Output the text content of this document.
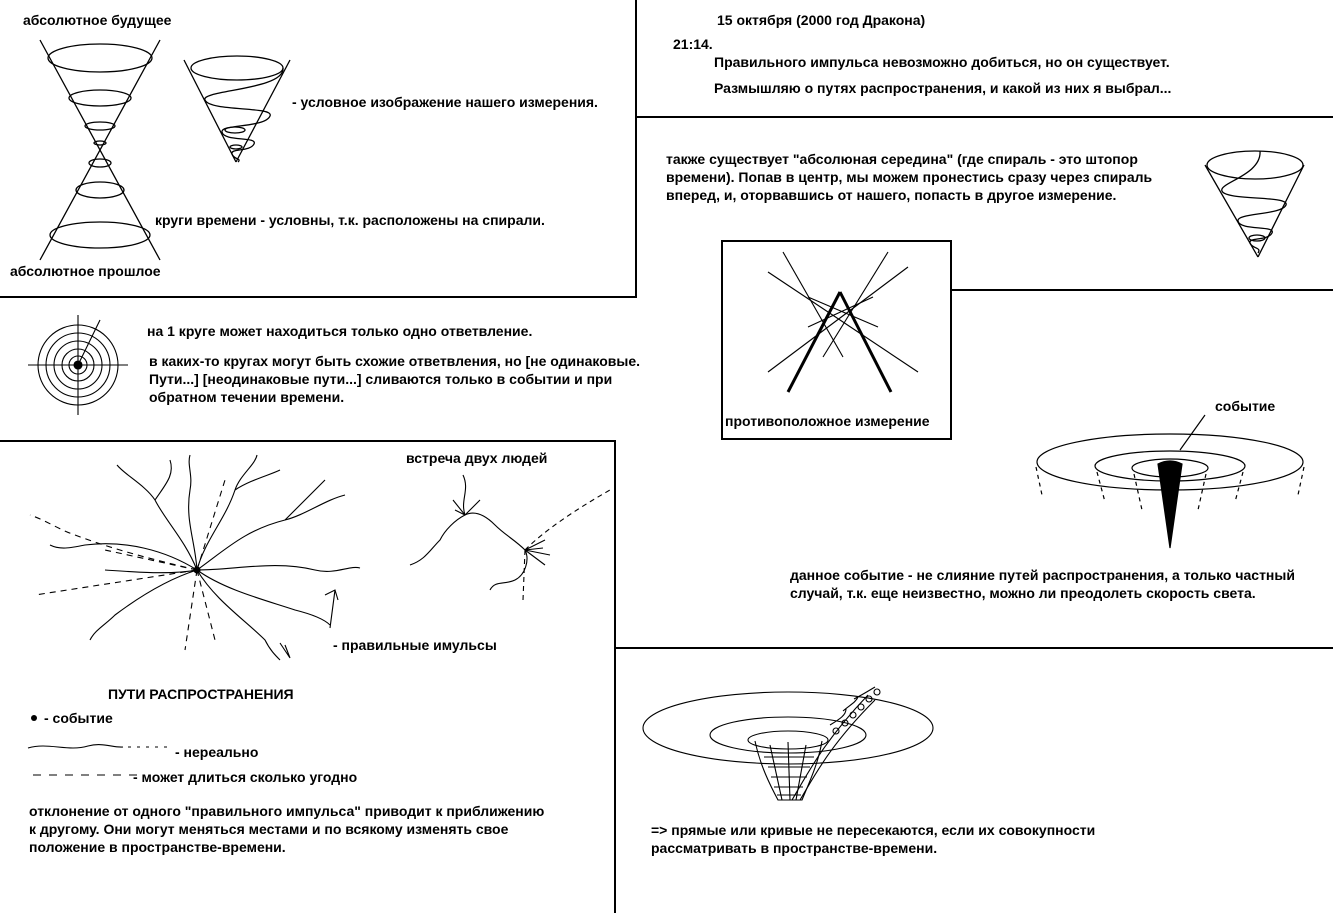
абсолютное будущее
абсолютное прошлое
- условное изображение нашего измерения.
круги времени - условны, т.к. расположены на спирали.
15 октября (2000 год Дракона)
21:14.
Правильного импульса невозможно добиться, но он существует.
Размышляю о путях распространения, и какой из них я выбрал...
также существует "абсолюная середина" (где спираль - это штопор
времени). Попав в центр, мы можем пронестись сразу через спираль
вперед, и, оторвавшись от нашего, попасть в другое измерение.
противоположное измерение
на 1 круге может находиться только одно ответвление.
в каких-то кругах могут быть схожие ответвления, но [не одинаковые.
Пути...] [неодинаковые пути...] сливаются только в событии и при
обратном течении времени.
событие
данное событие - не слияние путей распространения, а только частный
случай, т.к. еще неизвестно, можно ли преодолеть скорость света.
встреча двух людей
- правильные имульсы
ПУТИ РАСПРОСТРАНЕНИЯ
- событие
- нереально
- может длиться сколько угодно
отклонение от одного "правильного импульса" приводит к приближению
к другому. Они могут меняться местами и по всякому изменять свое
положение в пространстве-времени.
=> прямые или кривые не пересекаются, если их совокупности
рассматривать в пространстве-времени.
